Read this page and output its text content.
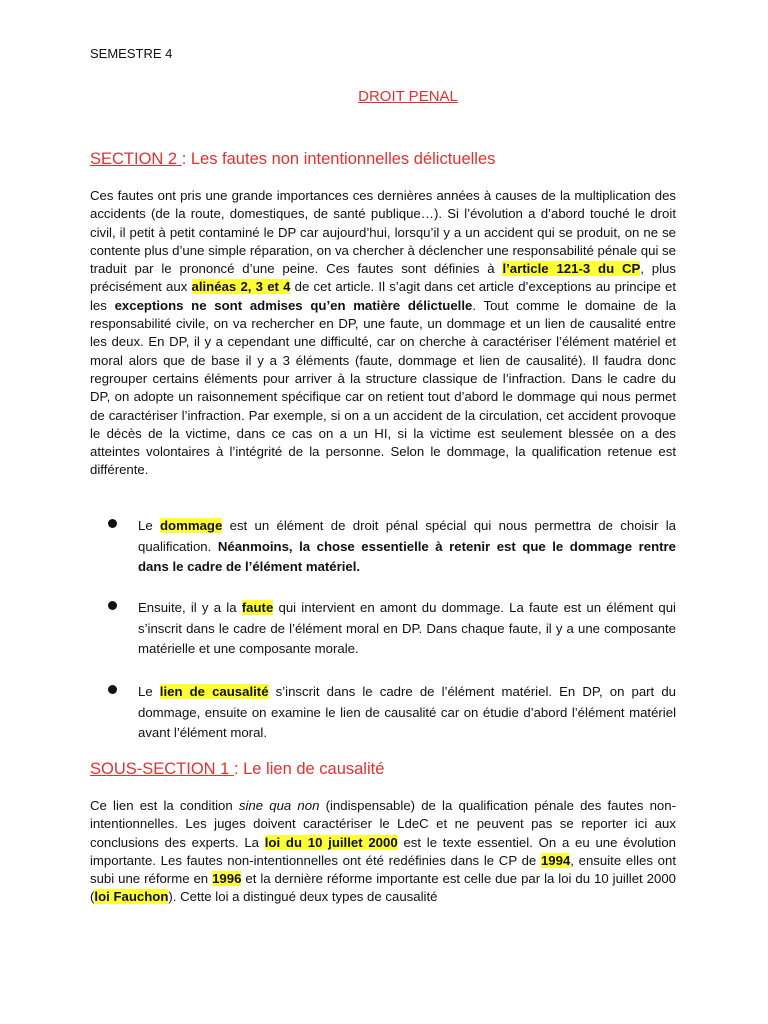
SEMESTRE 4
DROIT PENAL
SECTION 2 : Les fautes non intentionnelles délictuelles
Ces fautes ont pris une grande importances ces dernières années à causes de la multiplication des accidents (de la route, domestiques, de santé publique…). Si l’évolution a d’abord touché le droit civil, il petit à petit contaminé le DP car aujourd’hui, lorsqu’il y a un accident qui se produit, on ne se contente plus d’une simple réparation, on va chercher à déclencher une responsabilité pénale qui se traduit par le prononcé d’une peine. Ces fautes sont définies à l’article 121-3 du CP, plus précisément aux alinéas 2, 3 et 4 de cet article. Il s’agit dans cet article d’exceptions au principe et les exceptions ne sont admises qu’en matière délictuelle. Tout comme le domaine de la responsabilité civile, on va rechercher en DP, une faute, un dommage et un lien de causalité entre les deux. En DP, il y a cependant une difficulté, car on cherche à caractériser l’élément matériel et moral alors que de base il y a 3 éléments (faute, dommage et lien de causalité). Il faudra donc regrouper certains éléments pour arriver à la structure classique de l’infraction. Dans le cadre du DP, on adopte un raisonnement spécifique car on retient tout d’abord le dommage qui nous permet de caractériser l’infraction. Par exemple, si on a un accident de la circulation, cet accident provoque le décès de la victime, dans ce cas on a un HI, si la victime est seulement blessée on a des atteintes volontaires à l’intégrité de la personne. Selon le dommage, la qualification retenue est différente.
Le dommage est un élément de droit pénal spécial qui nous permettra de choisir la qualification. Néanmoins, la chose essentielle à retenir est que le dommage rentre dans le cadre de l’élément matériel.
Ensuite, il y a la faute qui intervient en amont du dommage. La faute est un élément qui s’inscrit dans le cadre de l’élément moral en DP. Dans chaque faute, il y a une composante matérielle et une composante morale.
Le lien de causalité s’inscrit dans le cadre de l’élément matériel. En DP, on part du dommage, ensuite on examine le lien de causalité car on étudie d’abord l’élément matériel avant l’élément moral.
SOUS-SECTION 1 : Le lien de causalité
Ce lien est la condition sine qua non (indispensable) de la qualification pénale des fautes non-intentionnelles. Les juges doivent caractériser le LdeC et ne peuvent pas se reporter ici aux conclusions des experts. La loi du 10 juillet 2000 est le texte essentiel. On a eu une évolution importante. Les fautes non-intentionnelles ont été redéfinies dans le CP de 1994, ensuite elles ont subi une réforme en 1996 et la dernière réforme importante est celle due par la loi du 10 juillet 2000 (loi Fauchon). Cette loi a distingué deux types de causalité
